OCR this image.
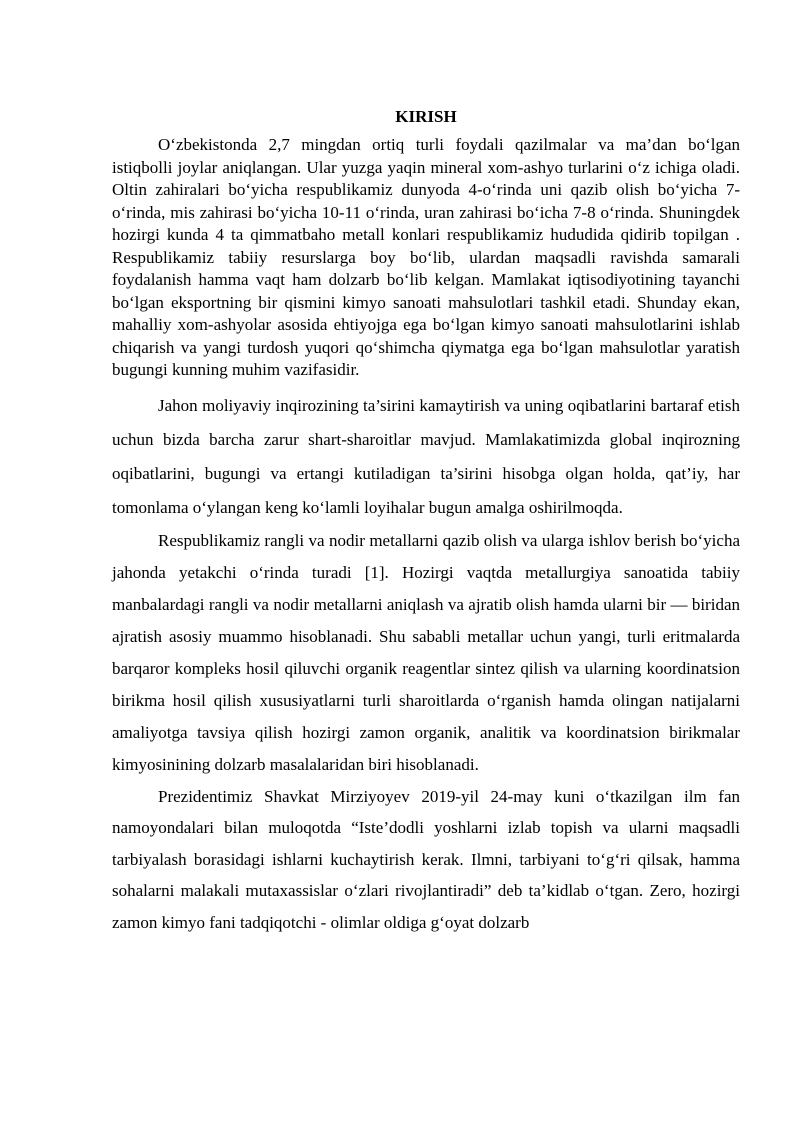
KIRISH

O‘zbekistonda 2,7 mingdan ortiq turli foydali qazilmalar va ma’dan bo‘lgan istiqbolli joylar aniqlangan. Ular yuzga yaqin mineral xom-ashyo turlarini o‘z ichiga oladi. Oltin zahiralari bo‘yicha respublikamiz dunyoda 4-o‘rinda uni qazib olish bo‘yicha 7-o‘rinda, mis zahirasi bo‘yicha 10-11 o‘rinda, uran zahirasi bo‘icha 7-8 o‘rinda. Shuningdek hozirgi kunda 4 ta qimmatbaho metall konlari respublikamiz hududida qidirib topilgan . Respublikamiz tabiiy resurslarga boy bo‘lib, ulardan maqsadli ravishda samarali foydalanish hamma vaqt ham dolzarb bo‘lib kelgan. Mamlakat iqtisodiyotining tayanchi bo‘lgan eksportning bir qismini kimyo sanoati mahsulotlari tashkil etadi. Shunday ekan, mahalliy xom-ashyolar asosida ehtiyojga ega bo‘lgan kimyo sanoati mahsulotlarini ishlab chiqarish va yangi turdosh yuqori qo‘shimcha qiymatga ega bo‘lgan mahsulotlar yaratish bugungi kunning muhim vazifasidir.

Jahon moliyaviy inqirozining ta’sirini kamaytirish va uning oqibatlarini bartaraf etish uchun bizda barcha zarur shart-sharoitlar mavjud. Mamlakatimizda global inqirozning oqibatlarini, bugungi va ertangi kutiladigan ta’sirini hisobga olgan holda, qat’iy, har tomonlama o‘ylangan keng ko‘lamli loyihalar bugun amalga oshirilmoqda.

Respublikamiz rangli va nodir metallarni qazib olish va ularga ishlov berish bo‘yicha jahonda yetakchi o‘rinda turadi [1]. Hozirgi vaqtda metallurgiya sanoatida tabiiy manbalardagi rangli va nodir metallarni aniqlash va ajratib olish hamda ularni bir — biridan ajratish asosiy muammo hisoblanadi. Shu sababli metallar uchun yangi, turli eritmalarda barqaror kompleks hosil qiluvchi organik reagentlar sintez qilish va ularning koordinatsion birikma hosil qilish xususiyatlarni turli sharoitlarda o‘rganish hamda olingan natijalarni amaliyotga tavsiya qilish hozirgi zamon organik, analitik va koordinatsion birikmalar kimyosinining dolzarb masalalaridan biri hisoblanadi.

Prezidentimiz Shavkat Mirziyoyev 2019-yil 24-may kuni o‘tkazilgan ilm fan namoyondalari bilan muloqotda “Iste’dodli yoshlarni izlab topish va ularni maqsadli tarbiyalash borasidagi ishlarni kuchaytirish kerak. Ilmni, tarbiyani to‘g‘ri qilsak, hamma sohalarni malakali mutaxassislar o‘zlari rivojlantiradi” deb ta’kidlab o‘tgan. Zero, hozirgi zamon kimyo fani tadqiqotchi - olimlar oldiga g‘oyat dolzarb
